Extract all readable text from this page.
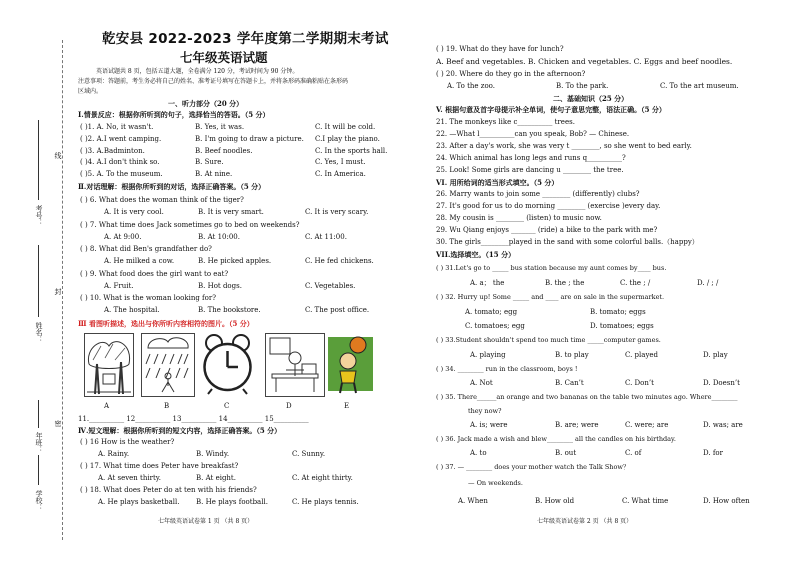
考号：
线
封
姓名：
年班：
密
学校：
乾安县 2022-2023 学年度第二学期期末考试
七年级英语试题
英语试题共 8 页，包括五道大题，全卷满分 120 分，考试时间为 90 分钟。
注意事项：答题前，考生务必将自己的姓名、准考证号填写在答题卡上，并将条形码准确粘贴在条形码
区域内。
一、听力部分（20 分）
Ⅰ.情景反应：根据你所听到的句子，选择恰当的答语。（5 分）
( )1. A. No, it wasn't.	B. Yes, it was.	C. It will be cold.
( )2. A.I went camping.	B. I'm going to draw a picture. C.I play the piano.
( )3. A.Badminton.	B. Beef noodles.	C. In the sports hall.
( )4. A.I don't think so.	B. Sure.	C. Yes, I must.
( )5. A. To the museum.	B. At nine.	C. In America.
Ⅱ.对话理解：根据你所听到的对话，选择正确答案。（5 分）
( ) 6. What does the woman think of the tiger?
A. It is very cool.	B. It is very smart.	C. It is very scary.
( ) 7. What time does Jack sometimes go to bed on weekends?
A. At 9:00.	B. At 10:00.	C. At 11:00.
( ) 8. What did Ben's grandfather do?
A. He milked a cow.	B. He picked apples.	C. He fed chickens.
( ) 9. What food does the girl want to eat?
A. Fruit.	B. Hot dogs.	C. Vegetables.
( ) 10. What is the woman looking for?
A. The hospital.	B. The bookstore.	C. The post office.
Ⅲ 看图听描述，选出与你所听内容相符的图片。（5 分）
A	B	C	D	E
11.__________ 12__________ 13__________ 14__________ 15__________
Ⅳ.短文理解：根据你所听到的短文内容，选择正确答案。（5 分）
( ) 16 How is the weather?
A. Rainy.	B. Windy.	C. Sunny.
( ) 17. What time does Peter have breakfast?
A. At seven thirty.	B. At eight.	C. At eight thirty.
( ) 18. What does Peter do at ten with his friends?
A. He plays basketball. B. He plays football.	C. He plays tennis.
七年级英语试卷第 1 页 （共 8 页）
( ) 19. What do they have for lunch?
A. Beef and vegetables. B. Chicken and vegetables. C. Eggs and beef noodles.
( ) 20. Where do they go in the afternoon?
A. To the zoo.	B. To the park.	C. To the art museum.
二、基础知识（25 分）
V. 根据句意及首字母提示补全单词，使句子意思完整，语法正确。（5 分）
21. The monkeys like c__________ trees.
22. —What l__________can you speak, Bob? — Chinese.
23. After a day's work, she was very t ________, so she went to bed early.
24. Which animal has long legs and runs q__________?
25. Look! Some girls are dancing u ________ the tree.
VI. 用所给词的适当形式填空。（5 分）
26. Marry wants to join some ________ (differently) clubs?
27. It's good for us to do morning ________ (exercise )every day.
28. My cousin is ________ (listen) to music now.
29. Wu Qiang enjoys _______ (ride) a bike to the park with me?
30. The girls________played in the sand with some colorful balls.（happy）
VII.选择填空。（15 分）
( ) 31.Let's go to _____ bus station because my aunt comes by____ bus.
A. a； the	B. the ; the	C. the ; /	D. / ; /
( ) 32. Hurry up! Some _____ and ____ are on sale in the supermarket.
A. tomato; egg	B. tomato; eggs
C. tomatoes; egg	D. tomatoes; eggs
( ) 33.Student shouldn't spend too much time _____computer games.
A. playing	B. to play	C. played	D. play
( ) 34. ________ run in the classroom, boys !
A. Not	B. Can’t	C. Don’t	D. Doesn’t
( ) 35. There______an orange and two bananas on the table two minutes ago. Where________
they now?
A. is; were	B. are; were	C. were; are	D. was; are
( ) 36. Jack made a wish and blew________ all the candles on his birthday.
A. to	B. out	C. of	D. for
( ) 37. — ________ does your mother watch the Talk Show？
— On weekends.
A. When	B. How old	C. What time	D. How often
七年级英语试卷第 2 页 （共 8 页）
